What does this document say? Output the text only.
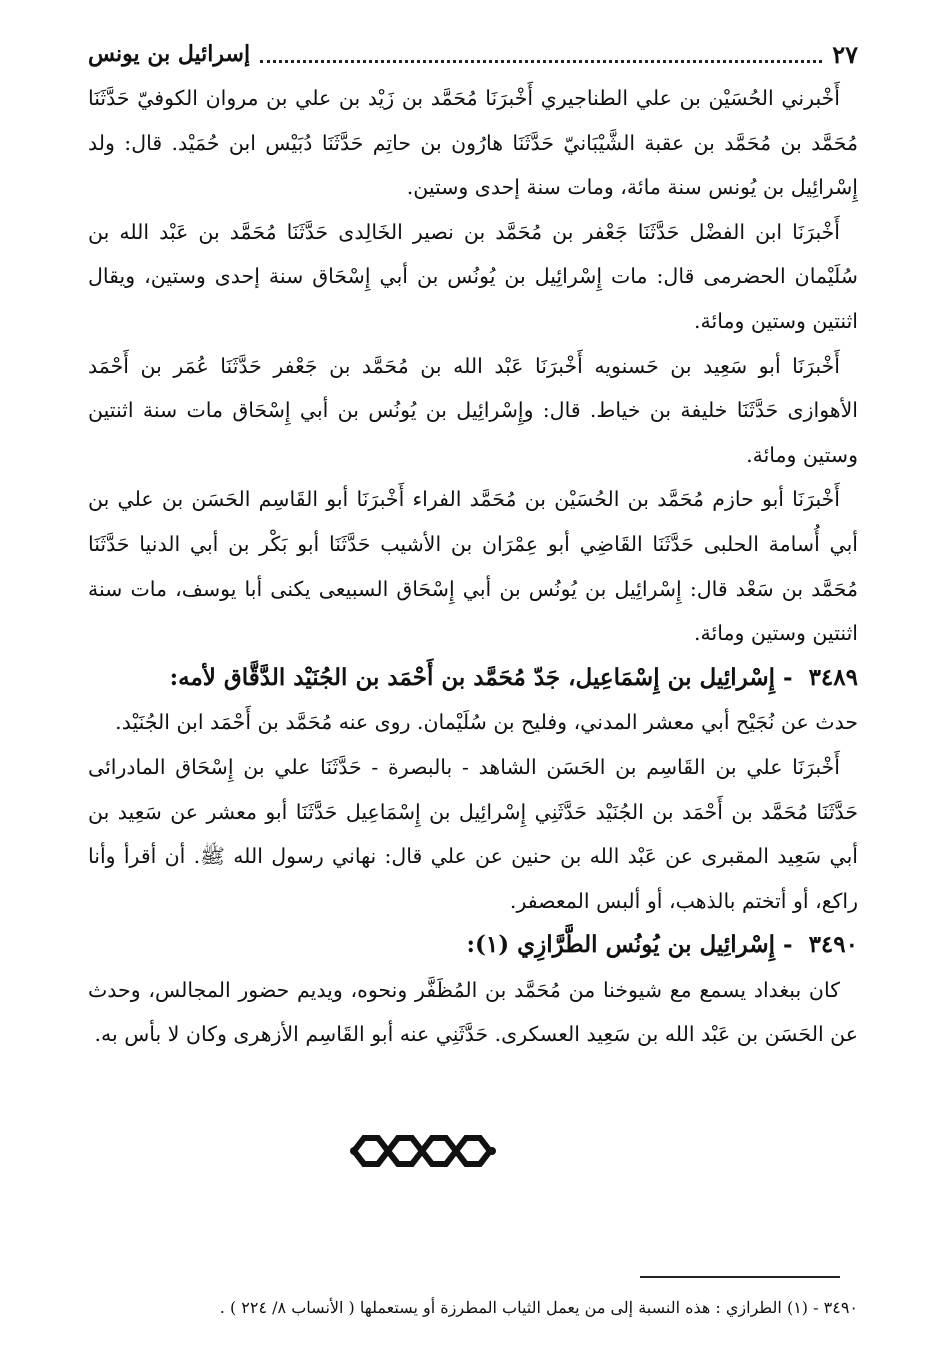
إسرائيل بن يونس	٢٧

أَخْبرني الحُسَيْن بن علي الطناجيري أَخْبرَنَا مُحَمَّد بن زَيْد بن علي بن مروان الكوفيّ حَدَّثَنَا مُحَمَّد بن مُحَمَّد بن عقبة الشَّيْبَانيّ حَدَّثَنَا هارُون بن حاتِم حَدَّثَنَا دُبَيْس ابن حُمَيْد. قال: ولد إِسْرائِيل بن يُونس سنة مائة، ومات سنة إحدى وستين.

أَخْبرَنَا ابن الفضْل حَدَّثَنَا جَعْفر بن مُحَمَّد بن نصير الخَالِدى حَدَّثَنَا مُحَمَّد بن عَبْد الله بن سُلَيْمان الحضرمى قال: مات إِسْرائِيل بن يُونُس بن أبي إِسْحَاق سنة إحدى وستين، ويقال اثنتين وستين ومائة.

أَخْبرَنَا أبو سَعِيد بن حَسنويه أَخْبرَنَا عَبْد الله بن مُحَمَّد بن جَعْفر حَدَّثَنَا عُمَر بن أَحْمَد الأهوازى حَدَّثَنَا خليفة بن خياط. قال: وإِسْرائِيل بن يُونُس بن أبي إِسْحَاق مات سنة اثنتين وستين ومائة.

أَخْبرَنَا أبو حازم مُحَمَّد بن الحُسَيْن بن مُحَمَّد الفراء أَخْبرَنَا أبو القَاسِم الحَسَن بن علي بن أبي أُسامة الحلبى حَدَّثَنَا القَاضِي أبو عِمْرَان بن الأشيب حَدَّثَنَا أبو بَكْر بن أبي الدنيا حَدَّثَنَا مُحَمَّد بن سَعْد قال: إِسْرائِيل بن يُونُس بن أبي إِسْحَاق السبيعى يكنى أبا يوسف، مات سنة اثنتين وستين ومائة.

٣٤٨٩ - إِسْرائِيل بن إِسْمَاعِيل، جَدّ مُحَمَّد بن أَحْمَد بن الجُنَيْد الدَّقَّاق لأمه:

حدث عن نُجَيْح أبي معشر المدني، وفليح بن سُلَيْمان. روى عنه مُحَمَّد بن أَحْمَد ابن الجُنَيْد.

أَخْبرَنَا علي بن القَاسِم بن الحَسَن الشاهد - بالبصرة - حَدَّثَنَا علي بن إِسْحَاق المادرائى حَدَّثَنَا مُحَمَّد بن أَحْمَد بن الجُنَيْد حَدَّثَنِي إِسْرائِيل بن إِسْمَاعِيل حَدَّثَنَا أبو معشر عن سَعِيد بن أبي سَعِيد المقبرى عن عَبْد الله بن حنين عن علي قال: نهاني رسول الله ﷺ. أن أقرأ وأنا راكع، أو أتختم بالذهب، أو ألبس المعصفر.

٣٤٩٠ - إِسْرائِيل بن يُونُس الطَّرَّازِي (١):

كان ببغداد يسمع مع شيوخنا من مُحَمَّد بن المُظَفَّر ونحوه، ويديم حضور المجالس، وحدث عن الحَسَن بن عَبْد الله بن سَعِيد العسكرى. حَدَّثَنِي عنه أبو القَاسِم الأزهرى وكان لا بأس به.

٣٤٩٠ - (١) الطرازي : هذه النسبة إلى من يعمل الثياب المطرزة أو يستعملها ( الأنساب ٨/ ٢٢٤ ) .
